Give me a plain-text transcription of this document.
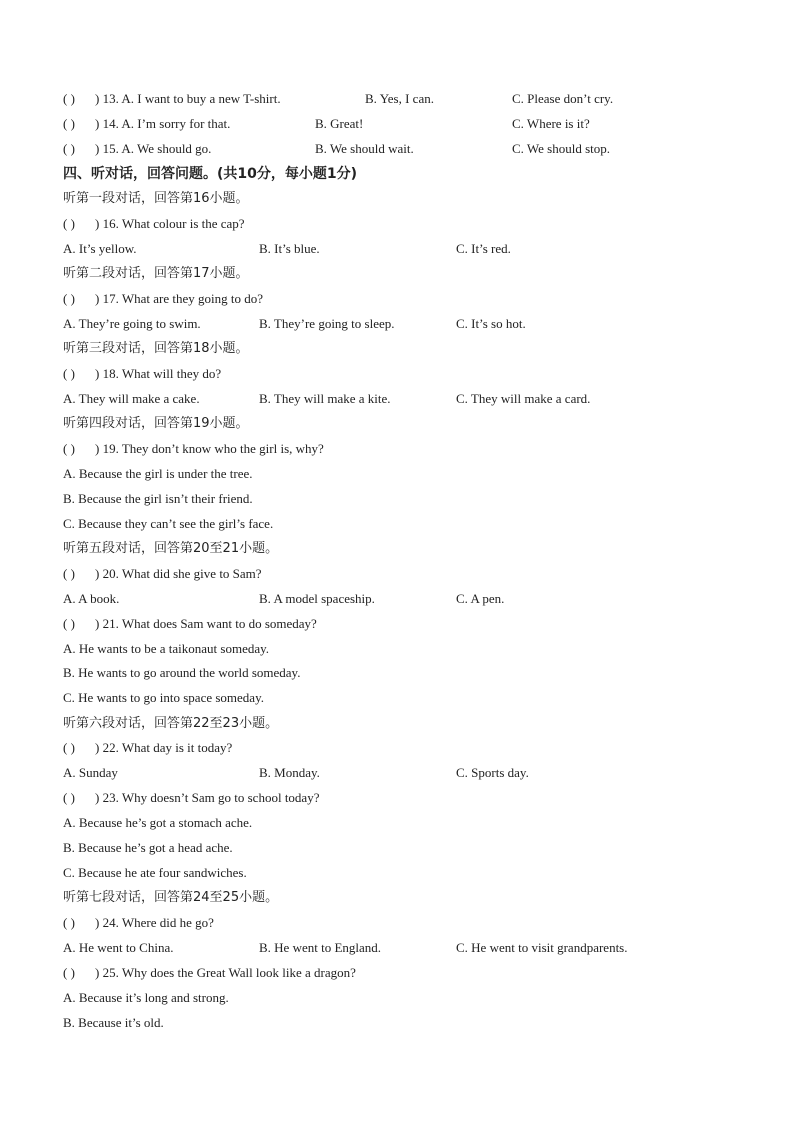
( ) ) 13. A. I want to buy a new T-shirt.	B. Yes, I can.	C. Please don’t cry.
( ) ) 14. A. I’m sorry for that.	B. Great!	C. Where is it?
( ) ) 15. A. We should go.	B. We should wait.	C. We should stop.
四、听对话，回答问题。(共10分，每小题1分)
听第一段对话，回答第16小题。
( ) ) 16. What colour is the cap?
A. It’s yellow.	B. It’s blue.	C. It’s red.
听第二段对话，回答第17小题。
( ) ) 17. What are they going to do?
A. They’re going to swim.	B. They’re going to sleep.	C. It’s so hot.
听第三段对话，回答第18小题。
( ) ) 18. What will they do?
A. They will make a cake.	B. They will make a kite.	C. They will make a card.
听第四段对话，回答第19小题。
( ) ) 19. They don’t know who the girl is, why?
A. Because the girl is under the tree.
B. Because the girl isn’t their friend.
C. Because they can’t see the girl’s face.
听第五段对话，回答第20至21小题。
( ) ) 20. What did she give to Sam?
A. A book.	B. A model spaceship.	C. A pen.
( ) ) 21. What does Sam want to do someday?
A. He wants to be a taikonaut someday.
B. He wants to go around the world someday.
C. He wants to go into space someday.
听第六段对话，回答第22至23小题。
( ) ) 22. What day is it today?
A. Sunday	B. Monday.	C. Sports day.
( ) ) 23. Why doesn’t Sam go to school today?
A. Because he’s got a stomach ache.
B. Because he’s got a head ache.
C. Because he ate four sandwiches.
听第七段对话，回答第24至25小题。
( ) ) 24. Where did he go?
A. He went to China.	B. He went to England.	C. He went to visit grandparents.
( ) ) 25. Why does the Great Wall look like a dragon?
A. Because it’s long and strong.
B. Because it’s old.
